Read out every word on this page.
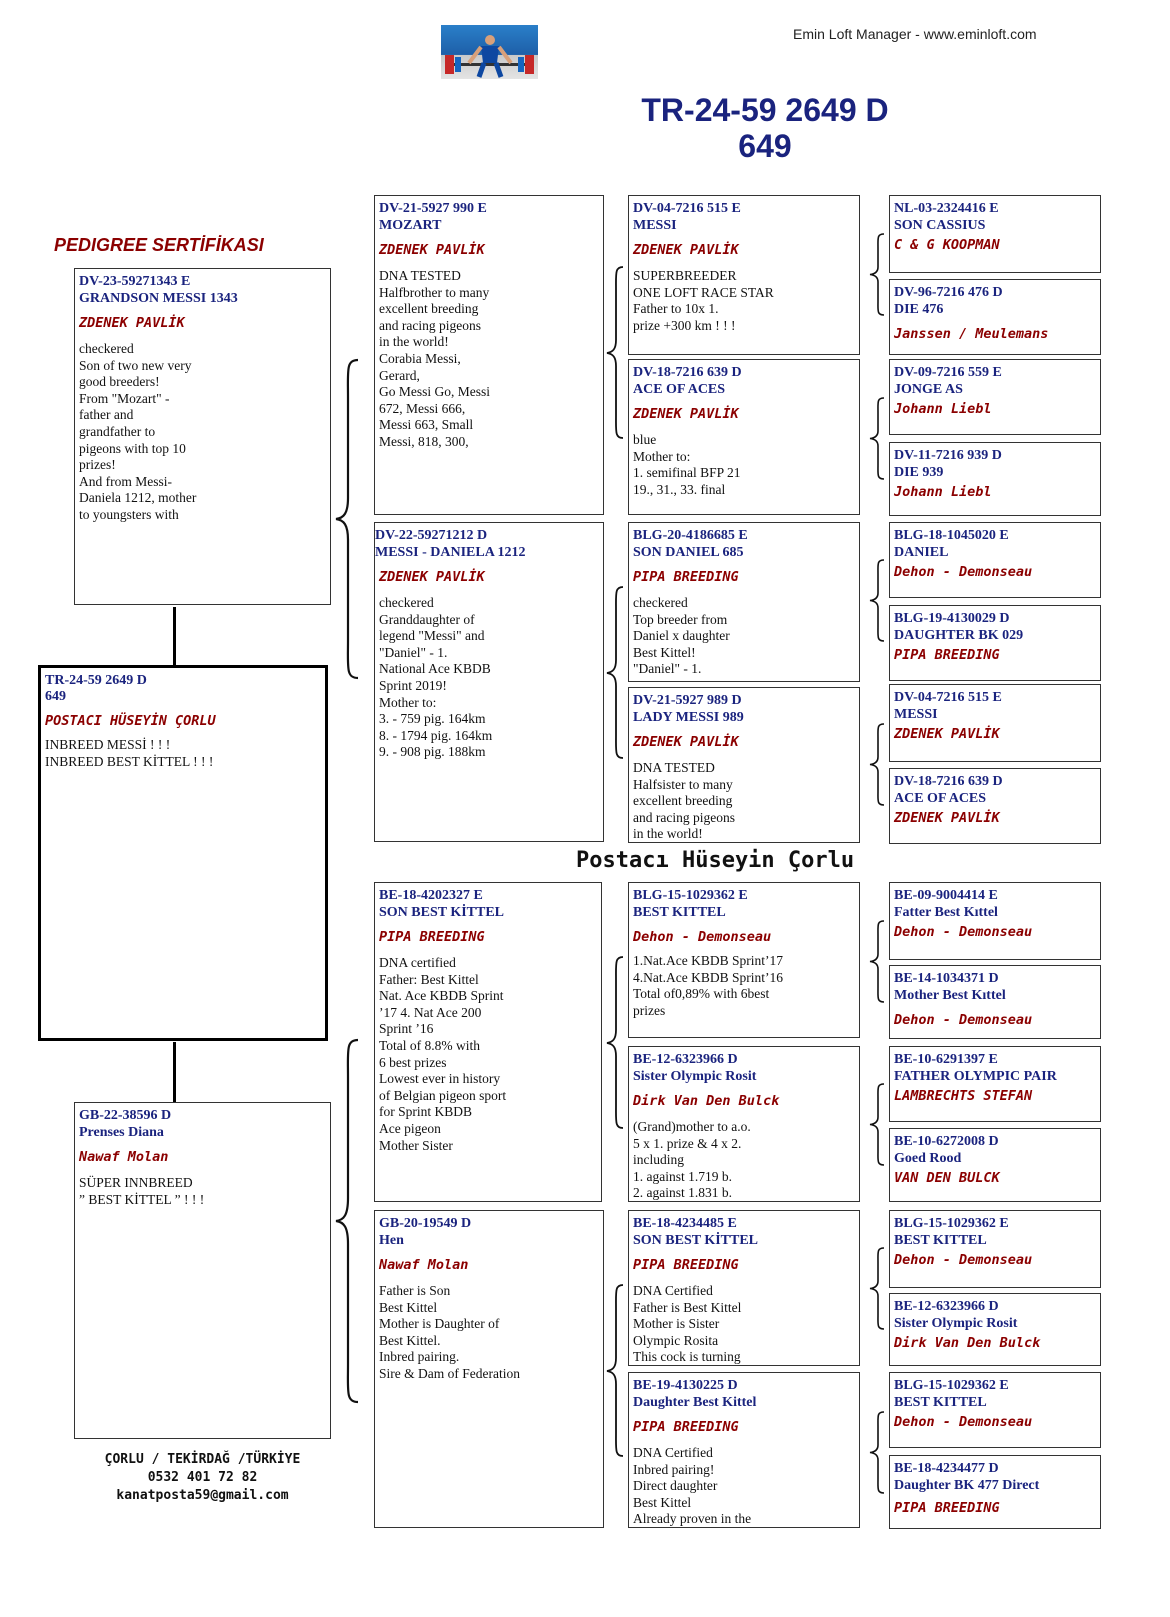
Emin Loft Manager - www.eminloft.com
TR-24-59 2649 D
649
PEDIGREE SERTİFİKASI
Postacı Hüseyin Çorlu
DV-23-59271343 E
GRANDSON MESSI 1343
ZDENEK PAVLİK
checkered
Son of two new very
good breeders!
From "Mozart" -
father and
grandfather to
pigeons with top 10
prizes!
And from Messi-
Daniela 1212, mother
to youngsters with
TR-24-59 2649 D
649
POSTACI HÜSEYİN ÇORLU
INBREED MESSİ ! ! !
INBREED BEST KİTTEL ! ! !
GB-22-38596 D
Prenses Diana
Nawaf Molan
SÜPER INNBREED
” BEST KİTTEL ” ! ! !
ÇORLU / TEKİRDAĞ /TÜRKİYE
0532 401 72 82
kanatposta59@gmail.com
DV-21-5927 990 E
MOZART
ZDENEK PAVLİK
DNA TESTED
Halfbrother to many
excellent breeding
and racing pigeons
in the world!
Corabia Messi,
Gerard,
Go Messi Go, Messi
672, Messi 666,
Messi 663, Small
Messi, 818, 300,
DV-22-59271212 D
MESSI - DANIELA 1212
ZDENEK PAVLİK
checkered
Granddaughter of
legend "Messi" and
"Daniel" - 1.
National Ace KBDB
Sprint 2019!
Mother to:
3. - 759 pig. 164km
8. - 1794 pig. 164km
9. - 908 pig. 188km
BE-18-4202327 E
SON BEST KİTTEL
PIPA BREEDING
DNA certified
Father: Best Kittel
Nat. Ace KBDB Sprint
’17 4. Nat Ace 200
Sprint ’16
Total of 8.8% with
6 best prizes
Lowest ever in history
of Belgian pigeon sport
for Sprint KBDB
Ace pigeon
Mother Sister
GB-20-19549 D
Hen
Nawaf Molan
Father is Son
Best Kittel
Mother is Daughter of
Best Kittel.
Inbred pairing.
Sire & Dam of Federation
DV-04-7216 515 E
MESSI
ZDENEK PAVLİK
SUPERBREEDER
ONE LOFT RACE STAR
Father to 10x 1.
prize +300 km ! ! !
DV-18-7216 639 D
ACE OF ACES
ZDENEK PAVLİK
blue
Mother to:
1. semifinal BFP 21
19., 31., 33. final
BLG-20-4186685 E
SON DANIEL 685
PIPA BREEDING
checkered
Top breeder from
Daniel x daughter
Best Kittel!
"Daniel" - 1.
DV-21-5927 989 D
LADY MESSI 989
ZDENEK PAVLİK
DNA TESTED
Halfsister to many
excellent breeding
and racing pigeons
in the world!
BLG-15-1029362 E
BEST KITTEL
Dehon - Demonseau
1.Nat.Ace KBDB Sprint’17
4.Nat.Ace KBDB Sprint’16
Total of0,89% with 6best
prizes
BE-12-6323966 D
Sister Olympic Rosit
Dirk Van Den Bulck
(Grand)mother to a.o.
5 x 1. prize & 4 x 2.
including
1. against 1.719 b.
2. against 1.831 b.
BE-18-4234485 E
SON BEST KİTTEL
PIPA BREEDING
DNA Certified
Father is Best Kittel
Mother is Sister
Olympic Rosita
This cock is turning
BE-19-4130225 D
Daughter Best Kittel
PIPA BREEDING
DNA Certified
Inbred pairing!
Direct daughter
Best Kittel
Already proven in the
NL-03-2324416 E
SON CASSIUS
C & G KOOPMAN
DV-96-7216 476 D
DIE 476
Janssen / Meulemans
DV-09-7216 559 E
JONGE AS
Johann Liebl
DV-11-7216 939 D
DIE 939
Johann Liebl
BLG-18-1045020 E
DANIEL
Dehon - Demonseau
BLG-19-4130029 D
DAUGHTER BK 029
PIPA BREEDING
DV-04-7216 515 E
MESSI
ZDENEK PAVLİK
DV-18-7216 639 D
ACE OF ACES
ZDENEK PAVLİK
BE-09-9004414 E
Fatter Best Kıttel
Dehon - Demonseau
BE-14-1034371 D
Mother Best Kıttel
Dehon - Demonseau
BE-10-6291397 E
FATHER OLYMPIC PAIR
LAMBRECHTS STEFAN
BE-10-6272008 D
Goed Rood
VAN DEN BULCK
BLG-15-1029362 E
BEST KITTEL
Dehon - Demonseau
BE-12-6323966 D
Sister Olympic Rosit
Dirk Van Den Bulck
BLG-15-1029362 E
BEST KITTEL
Dehon - Demonseau
BE-18-4234477 D
Daughter BK 477 Direct
PIPA BREEDING
